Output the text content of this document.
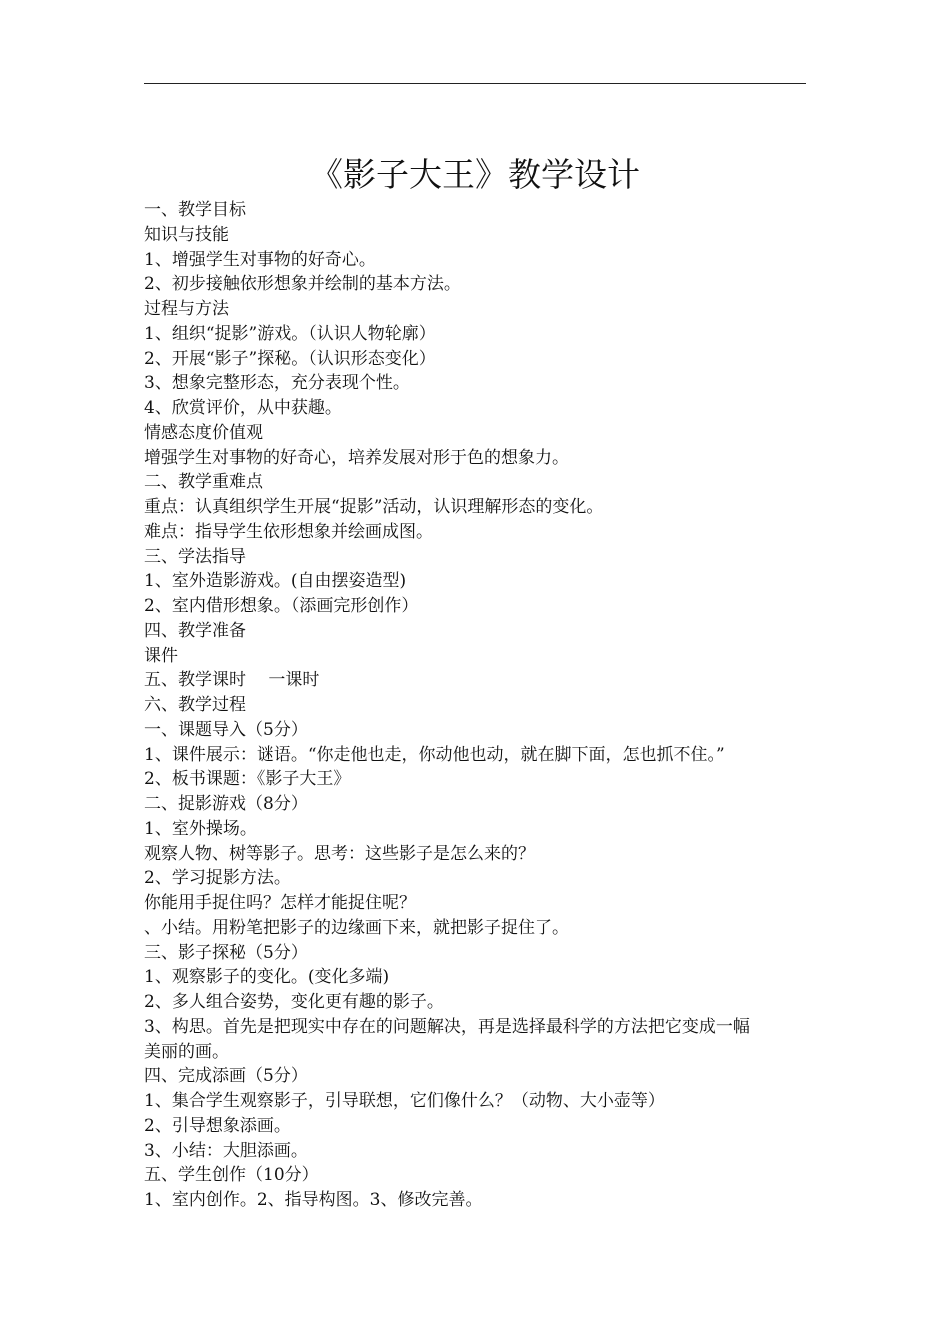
《影子大王》教学设计

一、教学目标

知识与技能

1、增强学生对事物的好奇心。

2、初步接触依形想象并绘制的基本方法。

过程与方法

1、组织“捉影”游戏。（认识人物轮廓）

2、开展“影子”探秘。（认识形态变化）

3、想象完整形态，充分表现个性。

4、欣赏评价，从中获趣。

情感态度价值观

增强学生对事物的好奇心，培养发展对形于色的想象力。

二、教学重难点

重点：认真组织学生开展“捉影”活动，认识理解形态的变化。

难点：指导学生依形想象并绘画成图。

三、学法指导

1、室外造影游戏。(自由摆姿造型)

2、室内借形想象。（添画完形创作）

四、教学准备

课件

五、教学课时　 一课时

六、教学过程

一、课题导入（5分）

1、课件展示：谜语。“你走他也走，你动他也动，就在脚下面，怎也抓不住。”

2、板书课题：《影子大王》

二、捉影游戏（8分）

1、室外操场。

观察人物、树等影子。思考：这些影子是怎么来的？

2、学习捉影方法。

你能用手捉住吗？怎样才能捉住呢？

、小结。用粉笔把影子的边缘画下来，就把影子捉住了。

三、影子探秘（5分）

1、观察影子的变化。(变化多端)

2、多人组合姿势，变化更有趣的影子。

3、构思。首先是把现实中存在的问题解决，再是选择最科学的方法把它变成一幅

美丽的画。

四、完成添画（5分）

1、集合学生观察影子，引导联想，它们像什么？（动物、大小壶等）

2、引导想象添画。

3、小结：大胆添画。

五、学生创作（10分）

1、室内创作。2、指导构图。3、修改完善。
